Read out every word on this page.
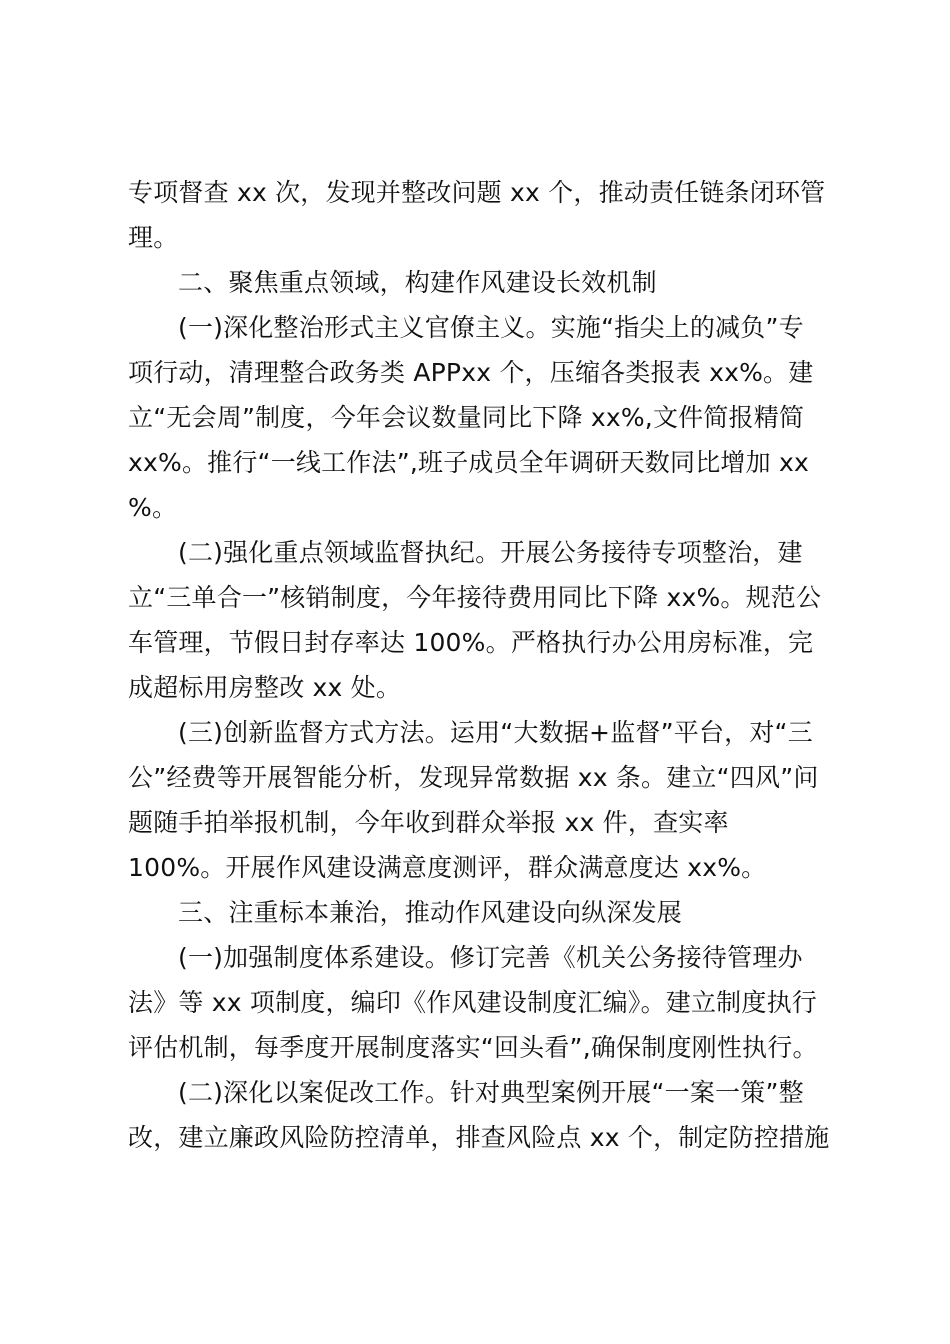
专项督查 xx 次，发现并整改问题 xx 个，推动责任链条闭环管
理。
二、聚焦重点领域，构建作风建设长效机制
(一)深化整治形式主义官僚主义。实施“指尖上的减负”专
项行动，清理整合政务类 APPxx 个，压缩各类报表 xx%。建
立“无会周”制度，今年会议数量同比下降 xx%,文件简报精简
xx%。推行“一线工作法”,班子成员全年调研天数同比增加 xx
%。
(二)强化重点领域监督执纪。开展公务接待专项整治，建
立“三单合一”核销制度，今年接待费用同比下降 xx%。规范公
车管理，节假日封存率达 100%。严格执行办公用房标准，完
成超标用房整改 xx 处。
(三)创新监督方式方法。运用“大数据+监督”平台，对“三
公”经费等开展智能分析，发现异常数据 xx 条。建立“四风”问
题随手拍举报机制，今年收到群众举报 xx 件，查实率
100%。开展作风建设满意度测评，群众满意度达 xx%。
三、注重标本兼治，推动作风建设向纵深发展
(一)加强制度体系建设。修订完善《机关公务接待管理办
法》等 xx 项制度，编印《作风建设制度汇编》。建立制度执行
评估机制，每季度开展制度落实“回头看”,确保制度刚性执行。
(二)深化以案促改工作。针对典型案例开展“一案一策”整
改，建立廉政风险防控清单，排查风险点 xx 个，制定防控措施
